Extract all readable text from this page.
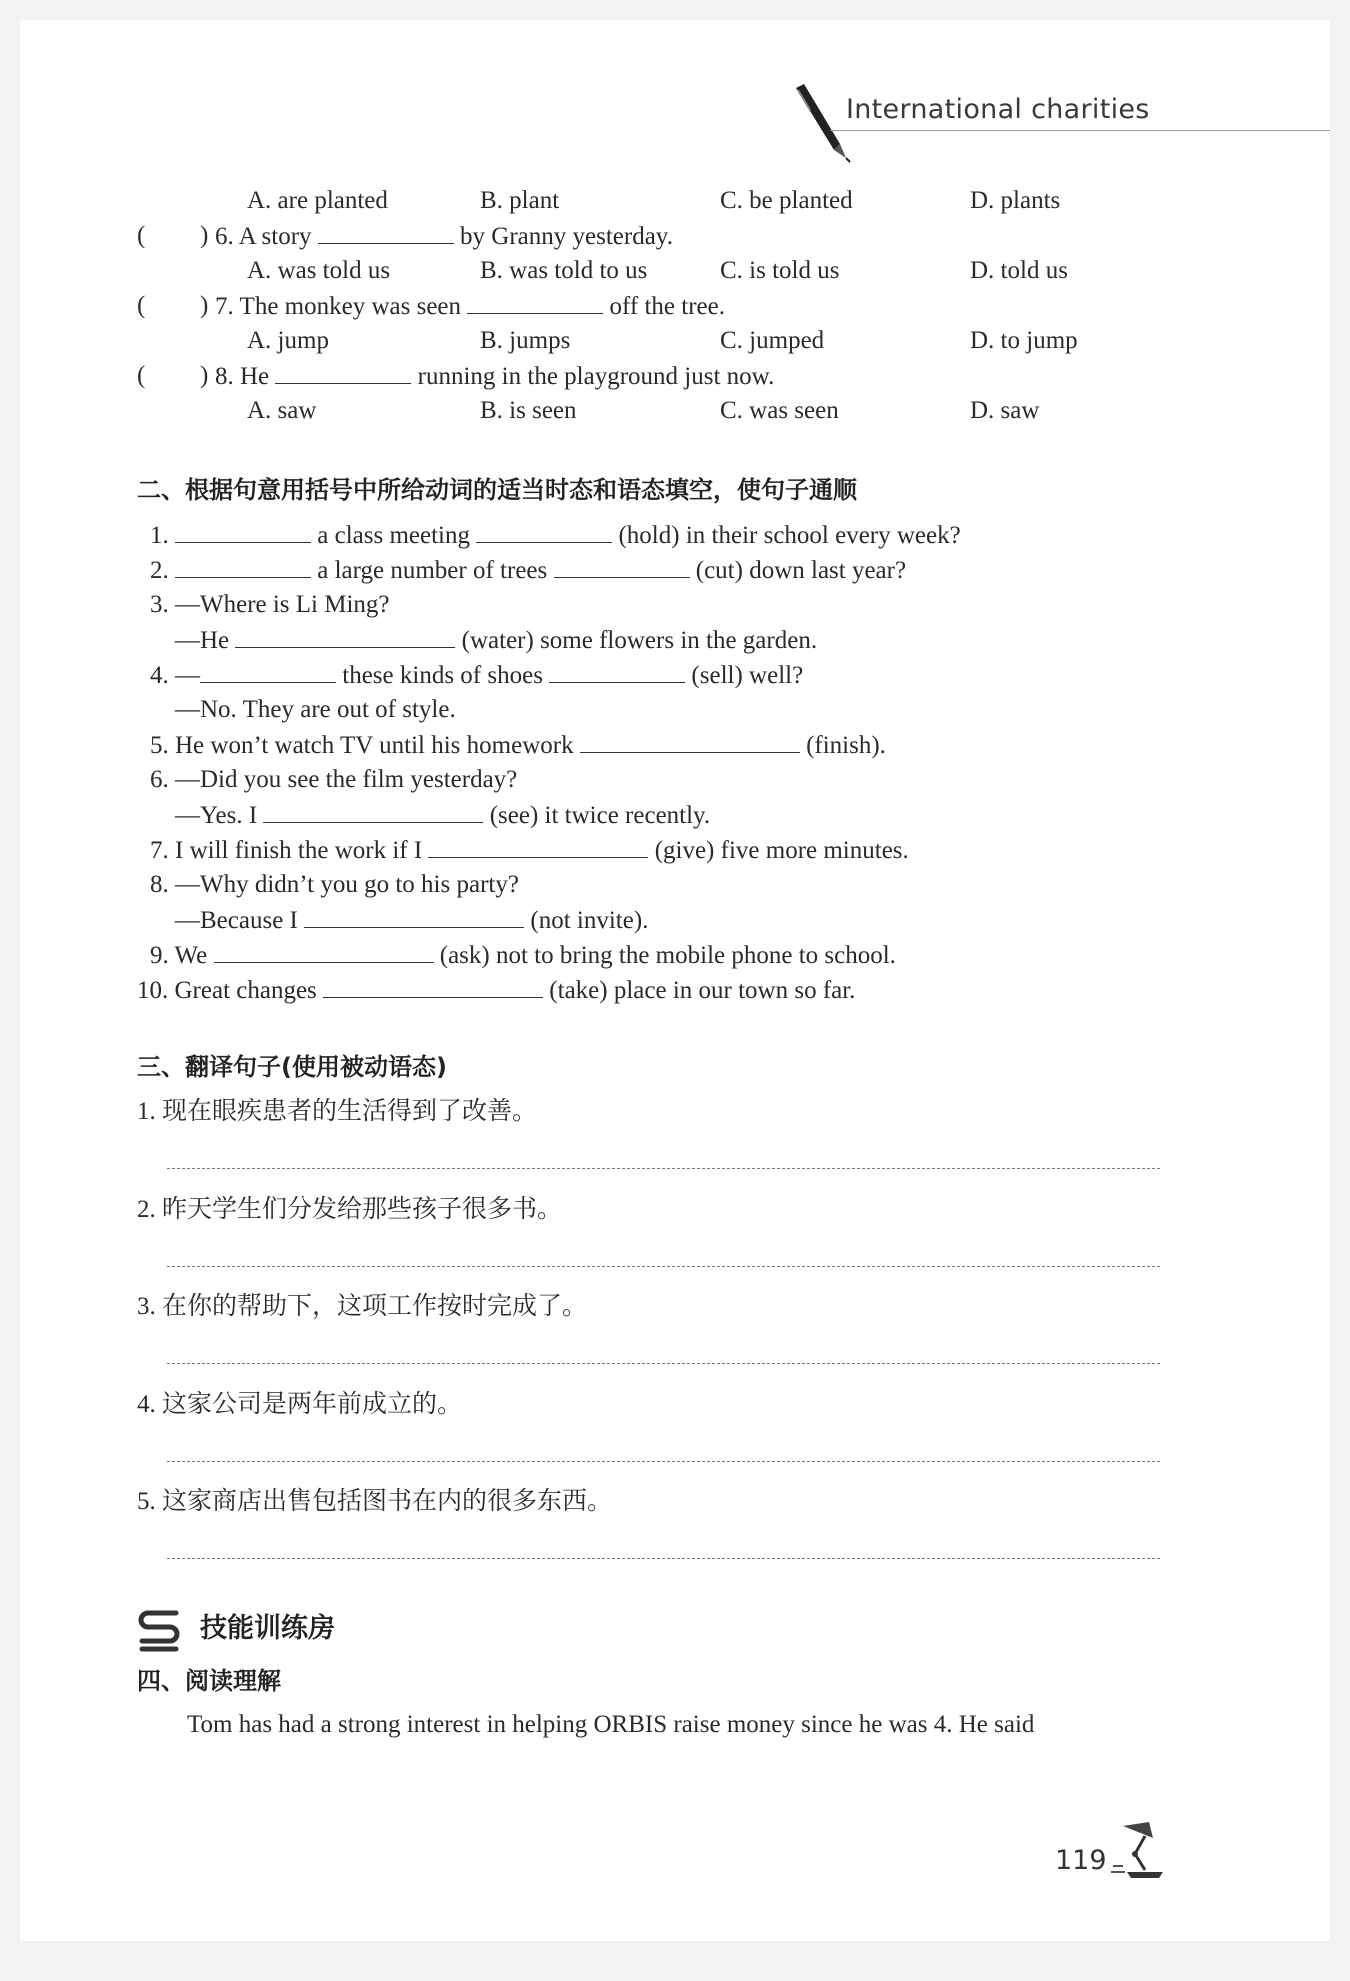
International charities
A. are planted	B. plant	C. be planted	D. plants
( ) 6. A story	by Granny yesterday.
A. was told us	B. was told to us	C. is told us	D. told us
( ) 7. The monkey was seen	off the tree.
A. jump	B. jumps	C. jumped	D. to jump
( ) 8. He	running in the playground just now.
A. saw	B. is seen	C. was seen	D. saw
二、根据句意用括号中所给动词的适当时态和语态填空，使句子通顺
1.	a class meeting	(hold) in their school every week?
2.	a large number of trees	(cut) down last year?
3. —Where is Li Ming?
—He	(water) some flowers in the garden.
4. —	these kinds of shoes	(sell) well?
—No. They are out of style.
5. He won’t watch TV until his homework	(finish).
6. —Did you see the film yesterday?
—Yes. I	(see) it twice recently.
7. I will finish the work if I	(give) five more minutes.
8. —Why didn’t you go to his party?
—Because I	(not invite).
9. We	(ask) not to bring the mobile phone to school.
10. Great changes	(take) place in our town so far.
三、翻译句子(使用被动语态)
1. 现在眼疾患者的生活得到了改善。
2. 昨天学生们分发给那些孩子很多书。
3. 在你的帮助下，这项工作按时完成了。
4. 这家公司是两年前成立的。
5. 这家商店出售包括图书在内的很多东西。
技能训练房
四、阅读理解
Tom has had a strong interest in helping ORBIS raise money since he was 4. He said
119
